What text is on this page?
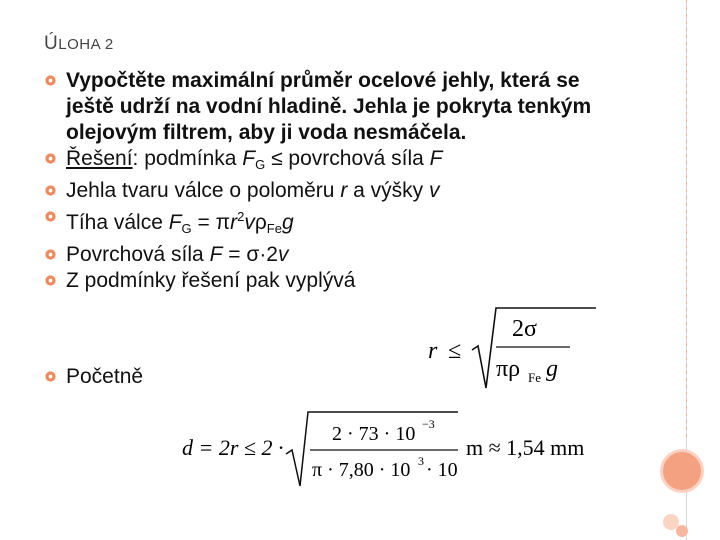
ÚLOHA 2
Vypočtěte maximální průměr ocelové jehly, která se ještě udrží na vodní hladině. Jehla je pokryta tenkým olejovým filtrem, aby ji voda nesmáčela.
Řešení: podmínka $F_G$ ≤ povrchová síla F
Jehla tvaru válce o poloměru r a výšky v
Tíha válce $F_G = \pi r^2v\rho_{Fe}g$
Povrchová síla F = σ·2v
Z podmínky řešení pak vyplývá
Početně
r ≤
2σ
πρ Fe g
d = 2r ≤ 2 ·
2 · 73 · 10 −3
π · 7,80 · 10 3 · 10
m ≈ 1,54 mm
